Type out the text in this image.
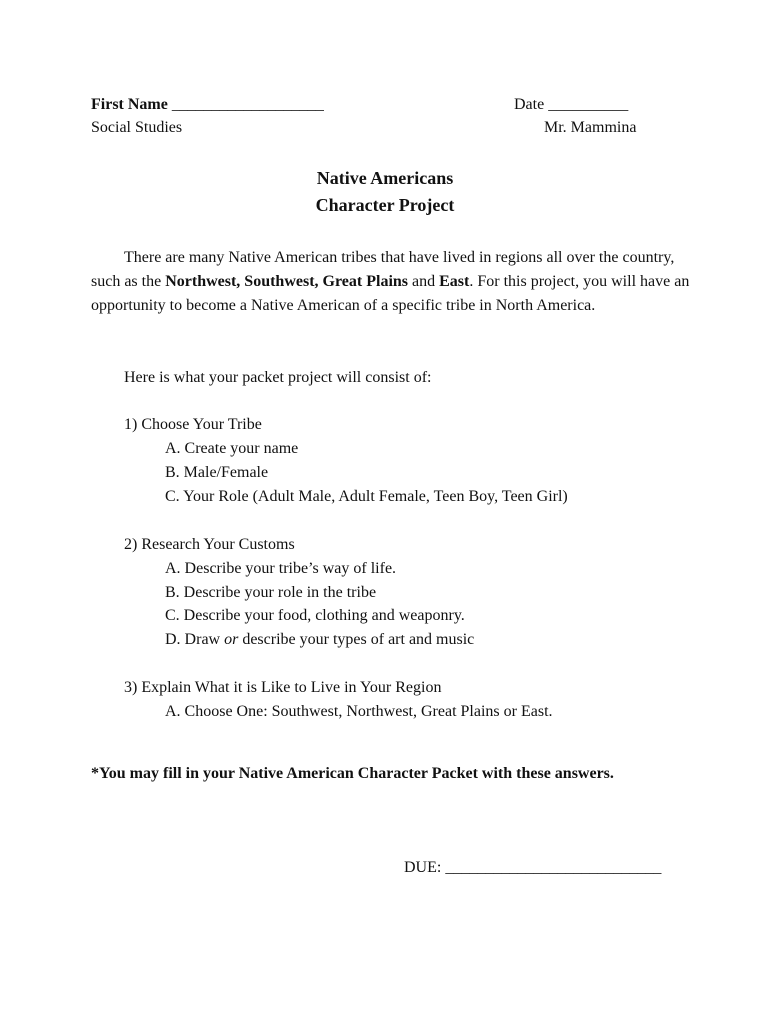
First Name ___________________	Date __________
Social Studies	Mr. Mammina
Native Americans
Character Project
There are many Native American tribes that have lived in regions all over the country, such as the Northwest, Southwest, Great Plains and East. For this project, you will have an opportunity to become a Native American of a specific tribe in North America.
Here is what your packet project will consist of:
1) Choose Your Tribe
A. Create your name
B. Male/Female
C. Your Role (Adult Male, Adult Female, Teen Boy, Teen Girl)
2) Research Your Customs
A. Describe your tribe’s way of life.
B. Describe your role in the tribe
C. Describe your food, clothing and weaponry.
D. Draw or describe your types of art and music
3) Explain What it is Like to Live in Your Region
A. Choose One: Southwest, Northwest, Great Plains or East.
*You may fill in your Native American Character Packet with these answers.
DUE: ___________________________
